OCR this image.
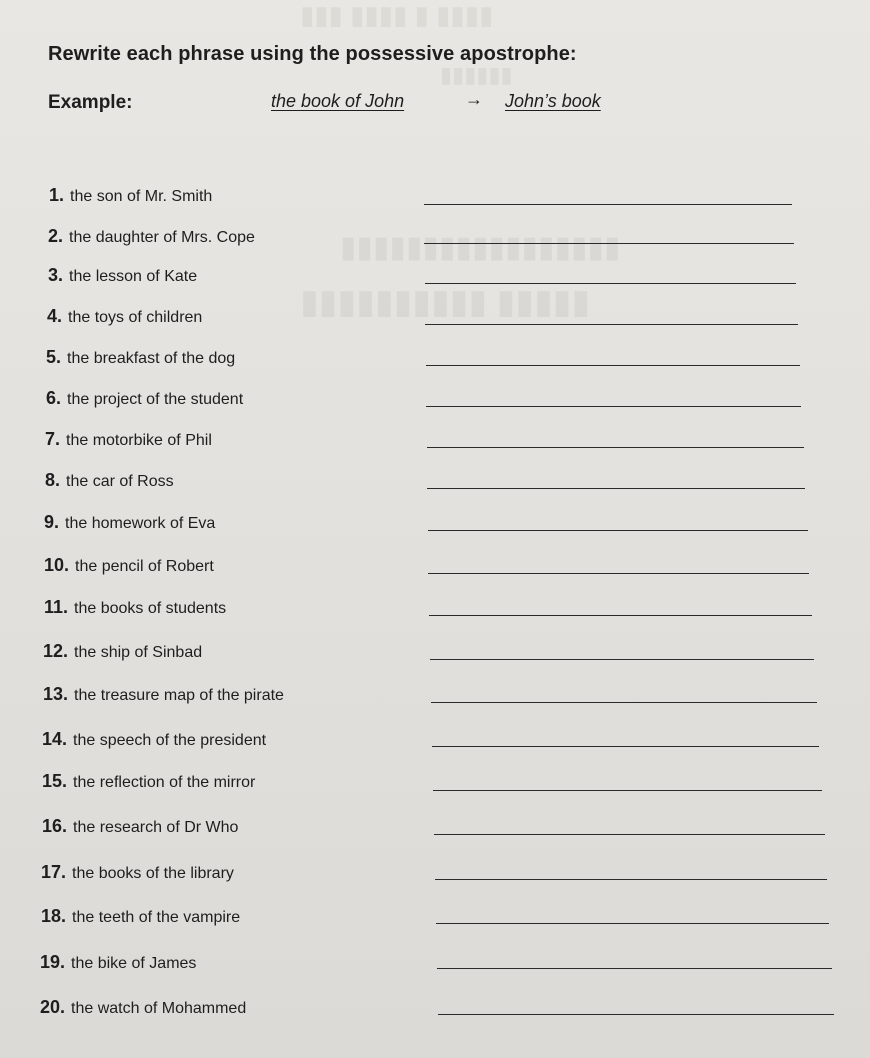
▮▮▮▮ ▮ ▮▮▮▮ ▮▮▮
▮▮▮▮▮▮
▮▮▮▮▮▮▮▮▮▮▮▮▮▮▮▮▮
▮▮▮▮▮ ▮▮▮▮▮▮▮▮▮▮
Rewrite each phrase using the possessive apostrophe:
Example:	the book of John	→ John’s book
1. the son of Mr. Smith
2. the daughter of Mrs. Cope
3. the lesson of Kate
4. the toys of children
5. the breakfast of the dog
6. the project of the student
7. the motorbike of Phil
8. the car of Ross
9. the homework of Eva
10. the pencil of Robert
11. the books of students
12. the ship of Sinbad
13. the treasure map of the pirate
14. the speech of the president
15. the reflection of the mirror
16. the research of Dr Who
17. the books of the library
18. the teeth of the vampire
19. the bike of James
20. the watch of Mohammed
